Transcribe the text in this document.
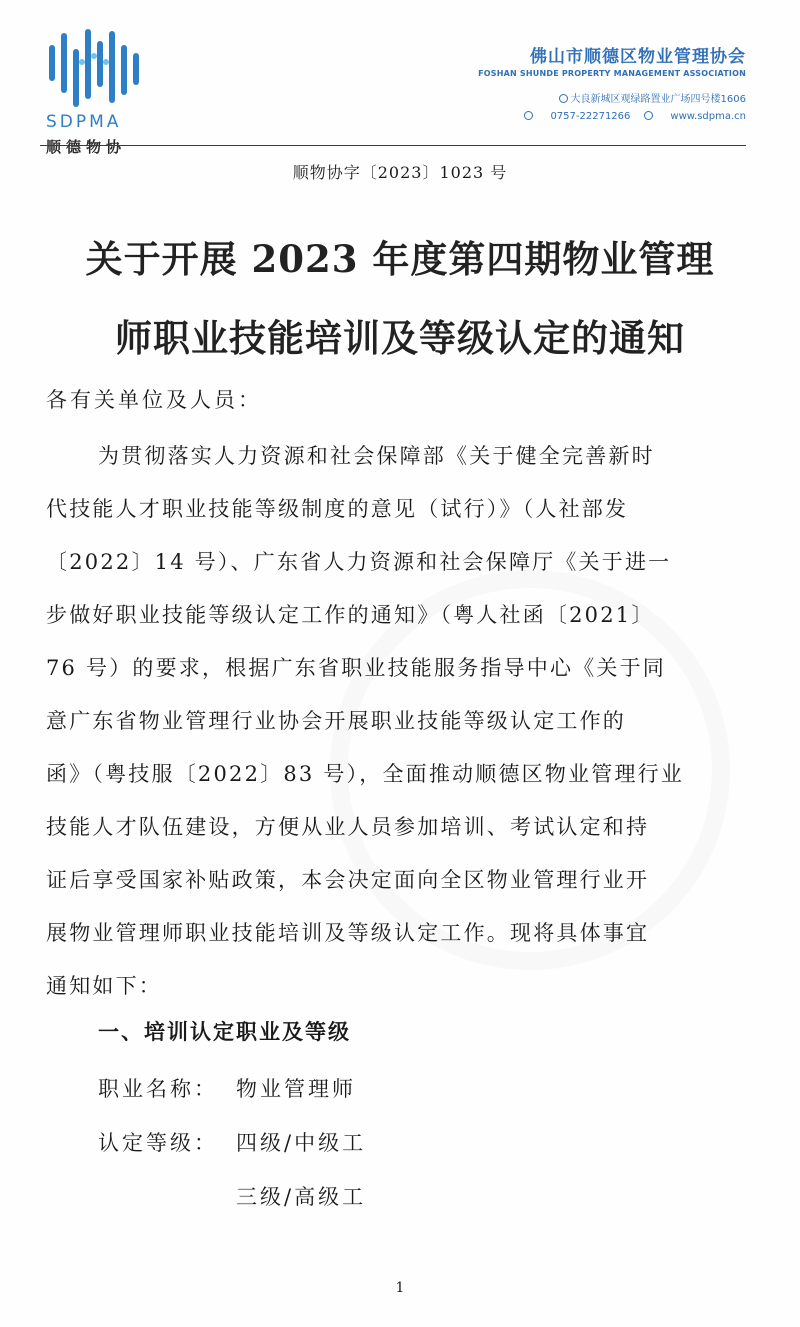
SDPMA
顺德物协
佛山市顺德区物业管理协会
FOSHAN SHUNDE PROPERTY MANAGEMENT ASSOCIATION
大良新城区观绿路置业广场四号楼1606
0757-22271266	www.sdpma.cn
顺物协字〔2023〕1023 号
关于开展 2023 年度第四期物业管理
师职业技能培训及等级认定的通知
各有关单位及人员：
为贯彻落实人力资源和社会保障部《关于健全完善新时
代技能人才职业技能等级制度的意见（试行）》（人社部发
〔2022〕14 号）、广东省人力资源和社会保障厅《关于进一
步做好职业技能等级认定工作的通知》（粤人社函〔2021〕
76 号）的要求，根据广东省职业技能服务指导中心《关于同
意广东省物业管理行业协会开展职业技能等级认定工作的
函》（粤技服〔2022〕83 号），全面推动顺德区物业管理行业
技能人才队伍建设，方便从业人员参加培训、考试认定和持
证后享受国家补贴政策，本会决定面向全区物业管理行业开
展物业管理师职业技能培训及等级认定工作。现将具体事宜
通知如下：
一、培训认定职业及等级
职业名称： 物业管理师
认定等级： 四级/中级工
三级/高级工
1
